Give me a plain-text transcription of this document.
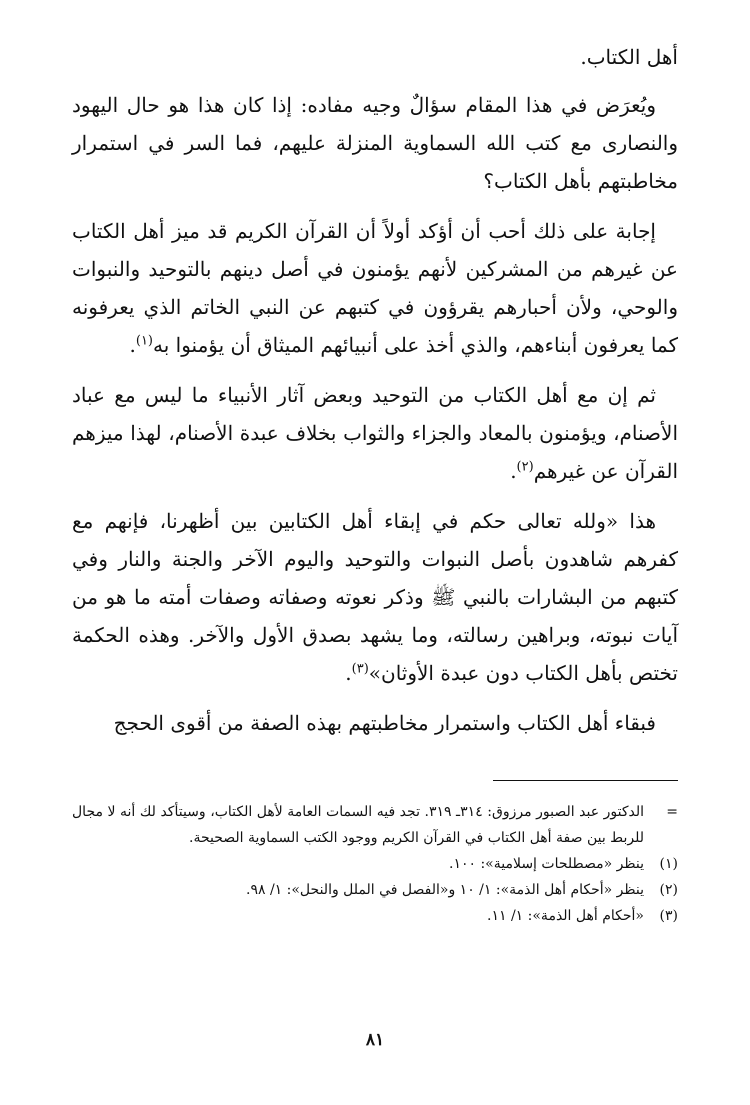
أهل الكتاب.

ويُعرَض في هذا المقام سؤالٌ وجيه مفاده: إذا كان هذا هو حال اليهود والنصارى مع كتب الله السماوية المنزلة عليهم، فما السر في استمرار مخاطبتهم بأهل الكتاب؟

إجابة على ذلك أحب أن أؤكد أولاً أن القرآن الكريم قد ميز أهل الكتاب عن غيرهم من المشركين لأنهم يؤمنون في أصل دينهم بالتوحيد والنبوات والوحي، ولأن أحبارهم يقرؤون في كتبهم عن النبي الخاتم الذي يعرفونه كما يعرفون أبناءهم، والذي أخذ على أنبيائهم الميثاق أن يؤمنوا به$^{(١)}$.

ثم إن مع أهل الكتاب من التوحيد وبعض آثار الأنبياء ما ليس مع عباد الأصنام، ويؤمنون بالمعاد والجزاء والثواب بخلاف عبدة الأصنام، لهذا ميزهم القرآن عن غيرهم$^{(٢)}$.

هذا «ولله تعالى حكم في إبقاء أهل الكتابين بين أظهرنا، فإنهم مع كفرهم شاهدون بأصل النبوات والتوحيد واليوم الآخر والجنة والنار وفي كتبهم من البشارات بالنبي ﷺ وذكر نعوته وصفاته وصفات أمته ما هو من آيات نبوته، وبراهين رسالته، وما يشهد بصدق الأول والآخر. وهذه الحكمة تختص بأهل الكتاب دون عبدة الأوثان»$^{(٣)}$.

فبقاء أهل الكتاب واستمرار مخاطبتهم بهذه الصفة من أقوى الحجج

=
الدكتور عبد الصبور مرزوق: ٣١٤ـ ٣١٩. تجد فيه السمات العامة لأهل الكتاب، وسيتأكد لك أنه لا مجال للربط بين صفة أهل الكتاب في القرآن الكريم ووجود الكتب السماوية الصحيحة.
(١)
ينظر «مصطلحات إسلامية»: ١٠٠.
(٢)
ينظر «أحكام أهل الذمة»: ١/ ١٠ و«الفصل في الملل والنحل»: ١/ ٩٨.
(٣)
«أحكام أهل الذمة»: ١/ ١١.
٨١
